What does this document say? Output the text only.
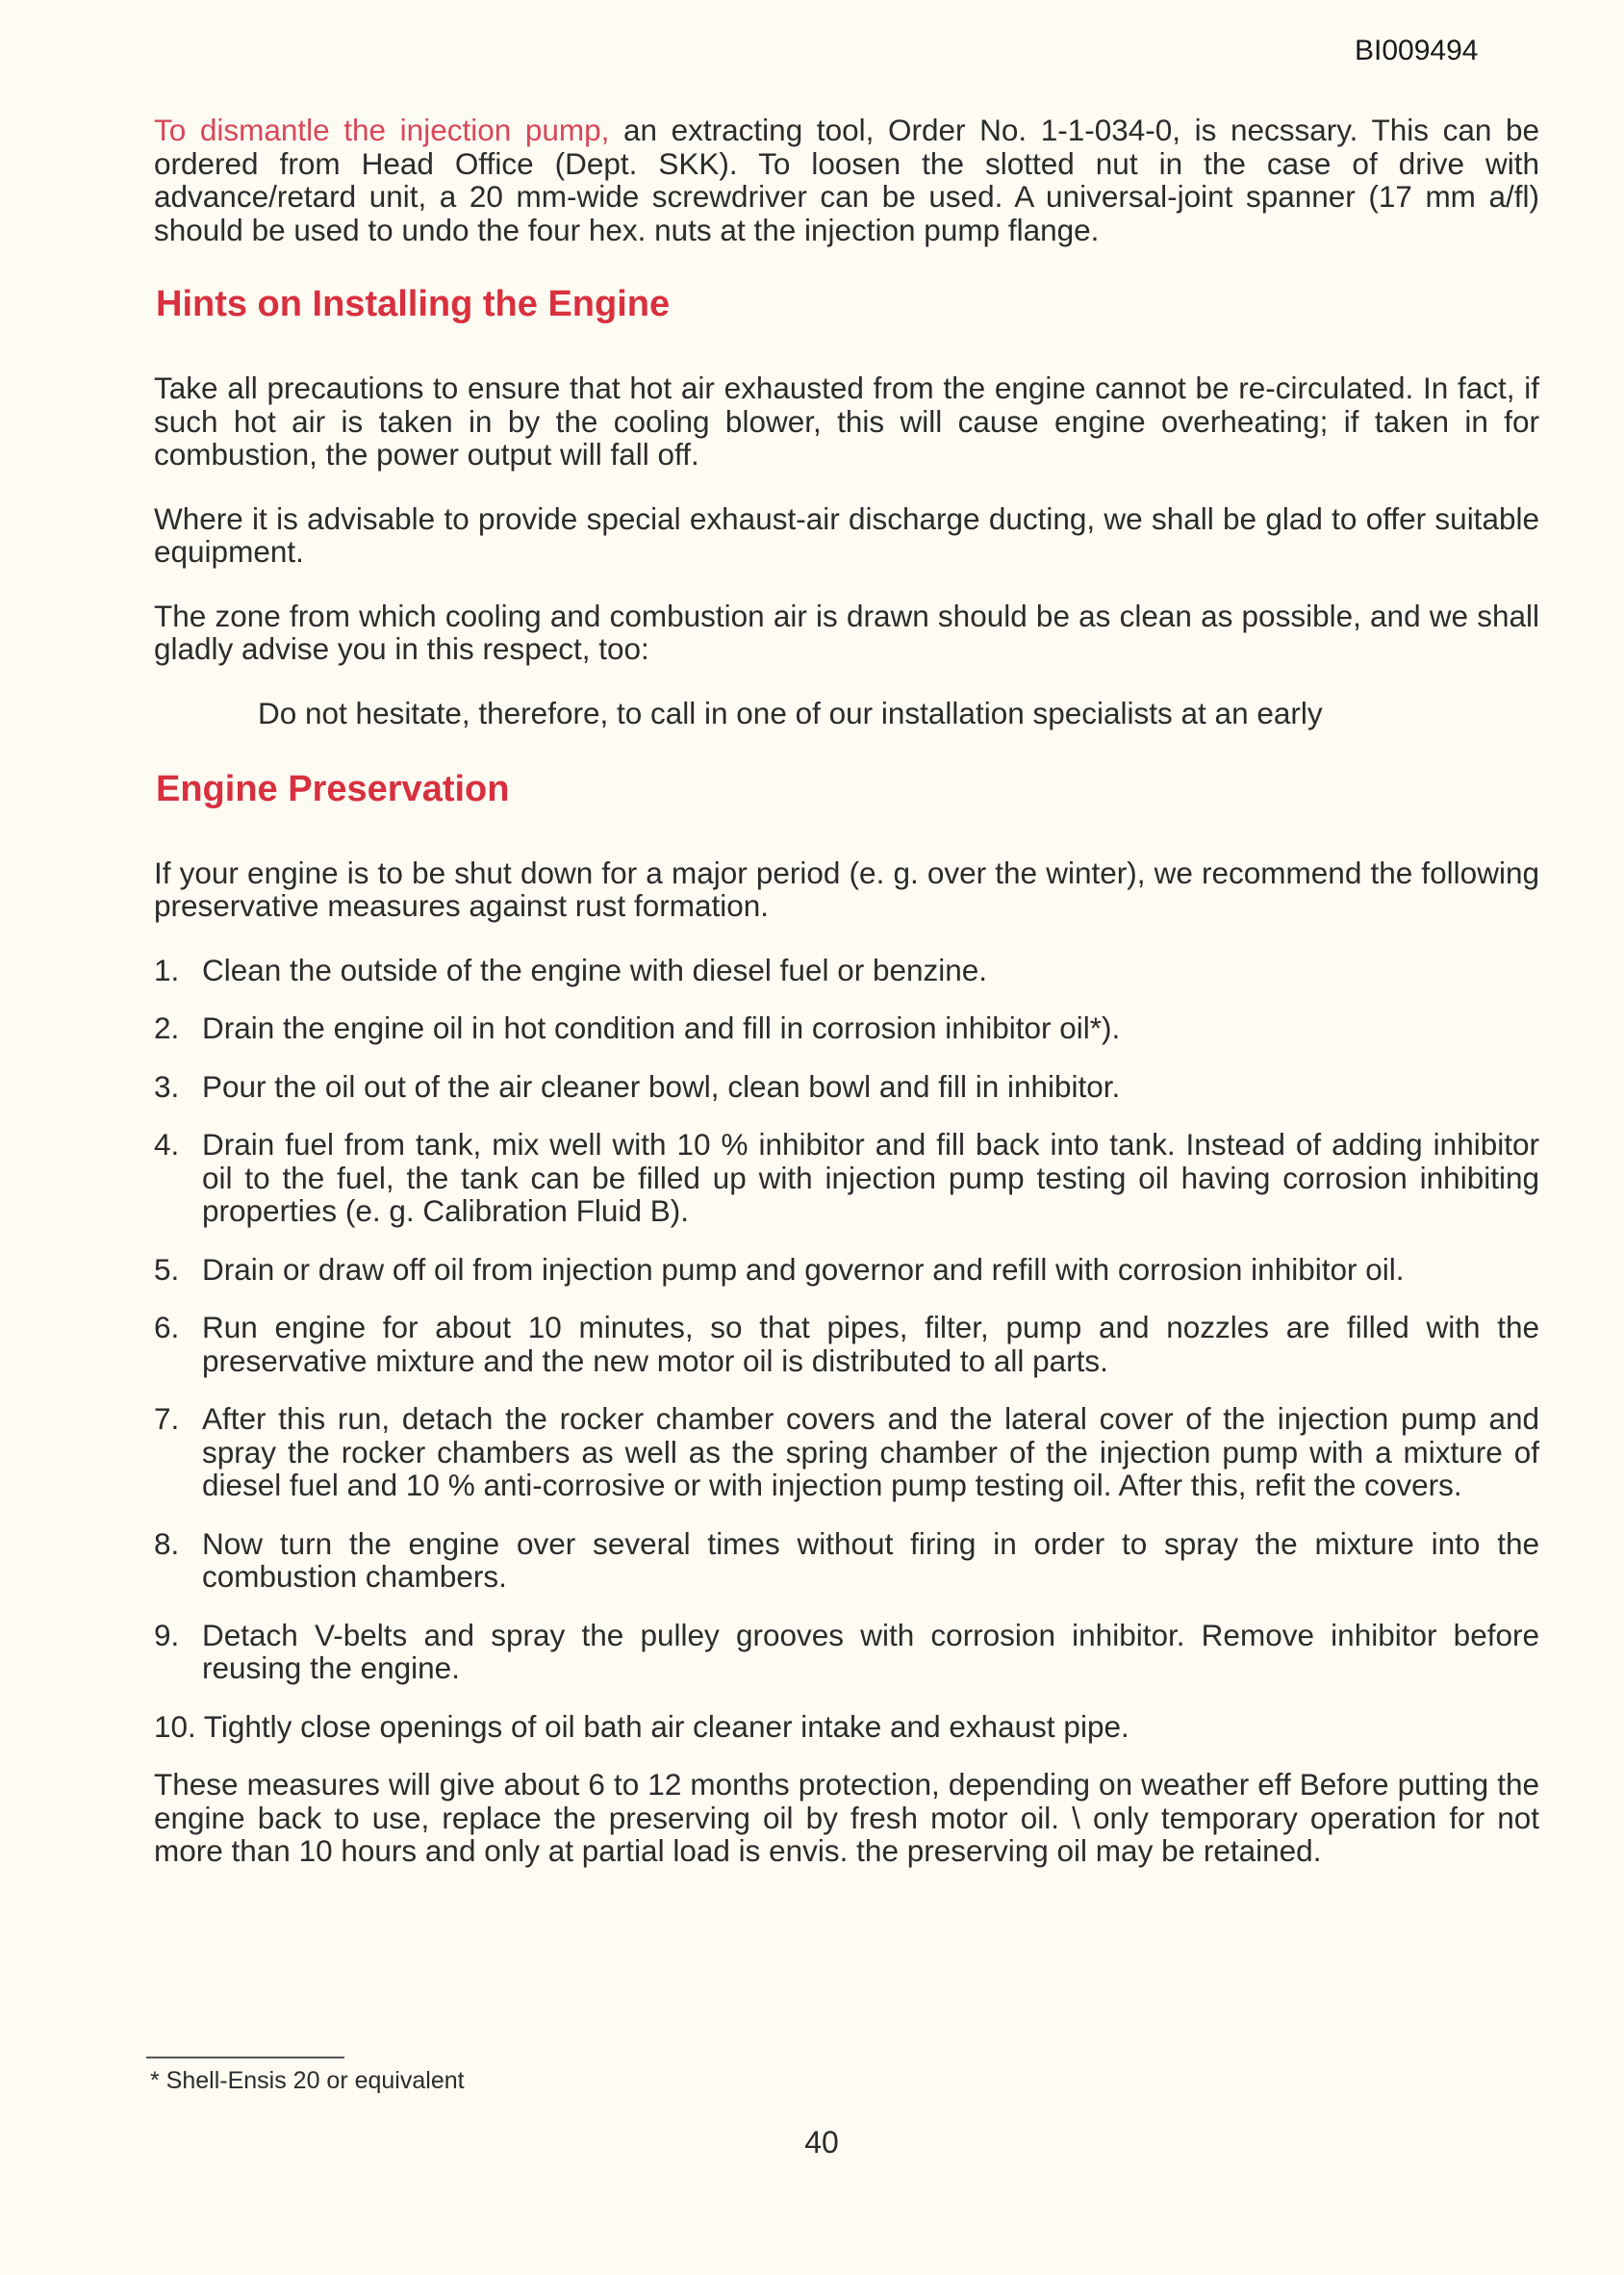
BI009494

To dismantle the injection pump, an extracting tool, Order No. 1-1-034-0, is necssary. This can be ordered from Head Office (Dept. SKK). To loosen the slotted nut in the case of drive with advance/retard unit, a 20 mm-wide screwdriver can be used. A universal-joint spanner (17 mm a/fl) should be used to undo the four hex. nuts at the injection pump flange.

Hints on Installing the Engine

Take all precautions to ensure that hot air exhausted from the engine cannot be re-circulated. In fact, if such hot air is taken in by the cooling blower, this will cause engine overheating; if taken in for combustion, the power output will fall off.

Where it is advisable to provide special exhaust-air discharge ducting, we shall be glad to offer suitable equipment.

The zone from which cooling and combustion air is drawn should be as clean as possible, and we shall gladly advise you in this respect, too:

Do not hesitate, therefore, to call in one of our installation specialists at an early

Engine Preservation

If your engine is to be shut down for a major period (e. g. over the winter), we recommend the following preservative measures against rust formation.

1. Clean the outside of the engine with diesel fuel or benzine.
2. Drain the engine oil in hot condition and fill in corrosion inhibitor oil*).
3. Pour the oil out of the air cleaner bowl, clean bowl and fill in inhibitor.
4. Drain fuel from tank, mix well with 10 % inhibitor and fill back into tank. Instead of adding inhibitor oil to the fuel, the tank can be filled up with injection pump testing oil having corrosion inhibiting properties (e. g. Calibration Fluid B).
5. Drain or draw off oil from injection pump and governor and refill with corrosion inhibitor oil.
6. Run engine for about 10 minutes, so that pipes, filter, pump and nozzles are filled with the preservative mixture and the new motor oil is distributed to all parts.
7. After this run, detach the rocker chamber covers and the lateral cover of the injection pump and spray the rocker chambers as well as the spring chamber of the injection pump with a mixture of diesel fuel and 10 % anti-corrosive or with injection pump testing oil. After this, refit the covers.
8. Now turn the engine over several times without firing in order to spray the mixture into the combustion chambers.
9. Detach V-belts and spray the pulley grooves with corrosion inhibitor. Remove inhibitor before reusing the engine.
10. Tightly close openings of oil bath air cleaner intake and exhaust pipe.

These measures will give about 6 to 12 months protection, depending on weather eff Before putting the engine back to use, replace the preserving oil by fresh motor oil. \ only temporary operation for not more than 10 hours and only at partial load is envis. the preserving oil may be retained.

* Shell-Ensis 20 or equivalent
40
